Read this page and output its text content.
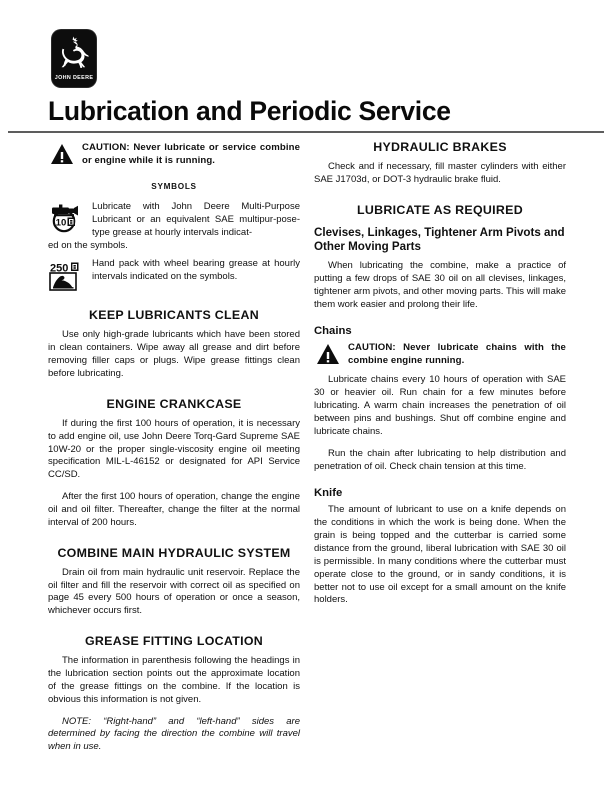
JOHN DEERE
Lubrication and Periodic Service
CAUTION: Never lubricate or service combine or engine while it is running.
SYMBOLS
10
Lubricate with John Deere Multi-Purpose Lubricant or an equivalent SAE multipur-pose-type grease at hourly intervals indicat-
ed on the symbols.
250 Hand pack with wheel bearing grease at hourly intervals indicated on the symbols.
KEEP LUBRICANTS CLEAN

Use only high-grade lubricants which have been stored in clean containers. Wipe away all grease and dirt before removing filler caps or plugs. Wipe grease fittings clean before lubricating.

ENGINE CRANKCASE

If during the first 100 hours of operation, it is necessary to add engine oil, use John Deere Torq-Gard Supreme SAE 10W-20 or the proper single-viscosity engine oil meeting specification MIL-L-46152 or designated for API Service CC/SD.

After the first 100 hours of operation, change the engine oil and oil filter. Thereafter, change the filter at the normal interval of 200 hours.

COMBINE MAIN HYDRAULIC SYSTEM

Drain oil from main hydraulic unit reservoir. Replace the oil filter and fill the reservoir with correct oil as specified on page 45 every 500 hours of operation or once a season, whichever occurs first.

GREASE FITTING LOCATION

The information in parenthesis following the headings in the lubrication section points out the approximate location of the grease fittings on the combine. If the location is obvious this information is not given.

NOTE: “Right-hand” and “left-hand” sides are determined by facing the direction the combine will travel when in use.

HYDRAULIC BRAKES

Check and if necessary, fill master cylinders with either SAE J1703d, or DOT-3 hydraulic brake fluid.

LUBRICATE AS REQUIRED
Clevises, Linkages, Tightener Arm Pivots and Other Moving Parts

When lubricating the combine, make a practice of putting a few drops of SAE 30 oil on all clevises, linkages, tightener arm pivots, and other moving parts. This will make them work easier and prolong their life.

Chains
CAUTION: Never lubricate chains with the combine engine running.

Lubricate chains every 10 hours of operation with SAE 30 or heavier oil. Run chain for a few minutes before lubricating. A warm chain increases the penetration of oil between pins and bushings. Shut off combine engine and lubricate chains.

Run the chain after lubricating to help distribution and penetration of oil. Check chain tension at this time.

Knife

The amount of lubricant to use on a knife depends on the conditions in which the work is being done. When the grain is being topped and the cutterbar is carried some distance from the ground, liberal lubrication with SAE 30 oil is permissible. In many conditions where the cutterbar must operate close to the ground, or in sandy conditions, it is better not to use oil except for a small amount on the knife holders.
